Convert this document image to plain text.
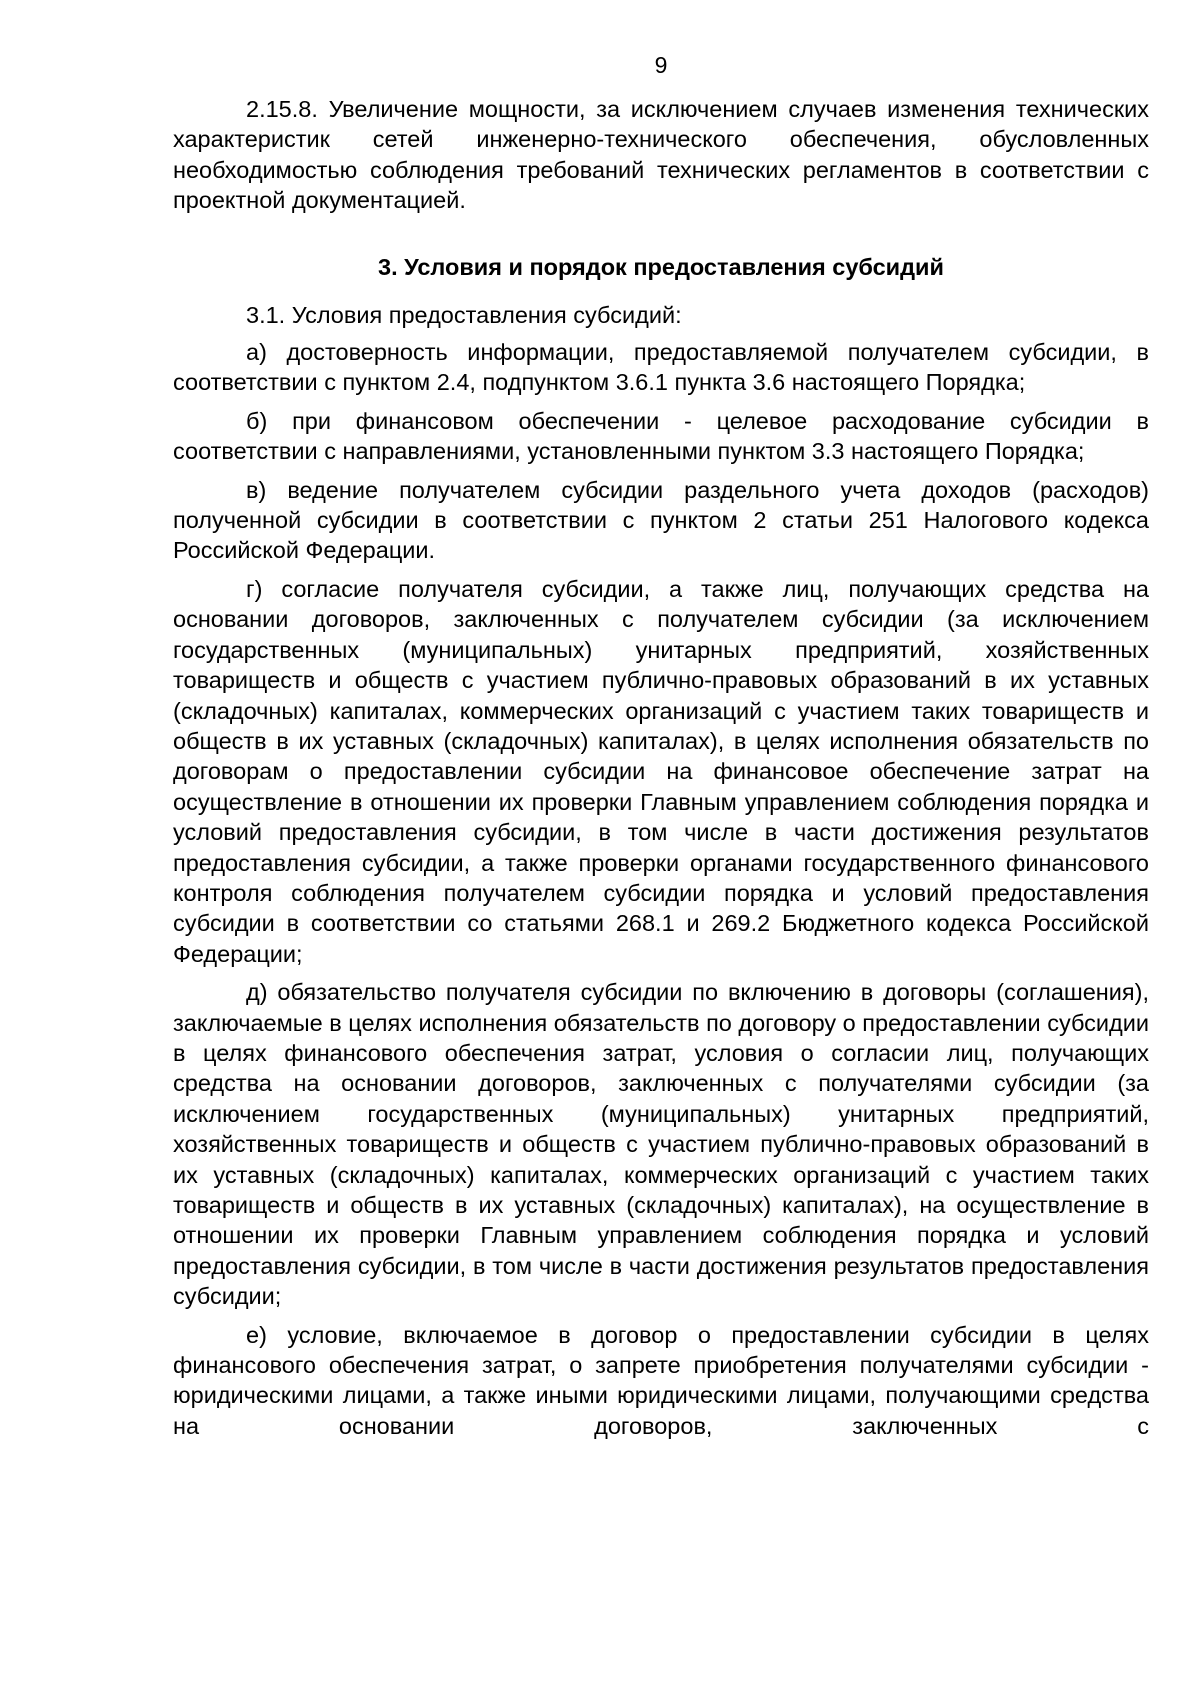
9

2.15.8. Увеличение мощности, за исключением случаев изменения технических характеристик сетей инженерно-технического обеспечения, обусловленных необходимостью соблюдения требований технических регламентов в соответствии с проектной документацией.

3. Условия и порядок предоставления субсидий

3.1. Условия предоставления субсидий:

а) достоверность информации, предоставляемой получателем субсидии, в соответствии с пунктом 2.4, подпунктом 3.6.1 пункта 3.6 настоящего Порядка;

б) при финансовом обеспечении - целевое расходование субсидии в соответствии с направлениями, установленными пунктом 3.3 настоящего Порядка;

в) ведение получателем субсидии раздельного учета доходов (расходов) полученной субсидии в соответствии с пунктом 2 статьи 251 Налогового кодекса Российской Федерации.

г) согласие получателя субсидии, а также лиц, получающих средства на основании договоров, заключенных с получателем субсидии (за исключением государственных (муниципальных) унитарных предприятий, хозяйственных товариществ и обществ с участием публично-правовых образований в их уставных (складочных) капиталах, коммерческих организаций с участием таких товариществ и обществ в их уставных (складочных) капиталах), в целях исполнения обязательств по договорам о предоставлении субсидии на финансовое обеспечение затрат на осуществление в отношении их проверки Главным управлением соблюдения порядка и условий предоставления субсидии, в том числе в части достижения результатов предоставления субсидии, а также проверки органами государственного финансового контроля соблюдения получателем субсидии порядка и условий предоставления субсидии в соответствии со статьями 268.1 и 269.2 Бюджетного кодекса Российской Федерации;

д) обязательство получателя субсидии по включению в договоры (соглашения), заключаемые в целях исполнения обязательств по договору о предоставлении субсидии в целях финансового обеспечения затрат, условия о согласии лиц, получающих средства на основании договоров, заключенных с получателями субсидии (за исключением государственных (муниципальных) унитарных предприятий, хозяйственных товариществ и обществ с участием публично-правовых образований в их уставных (складочных) капиталах, коммерческих организаций с участием таких товариществ и обществ в их уставных (складочных) капиталах), на осуществление в отношении их проверки Главным управлением соблюдения порядка и условий предоставления субсидии, в том числе в части достижения результатов предоставления субсидии;

е) условие, включаемое в договор о предоставлении субсидии в целях финансового обеспечения затрат, о запрете приобретения получателями субсидии - юридическими лицами, а также иными юридическими лицами, получающими средства на основании договоров, заключенных с
